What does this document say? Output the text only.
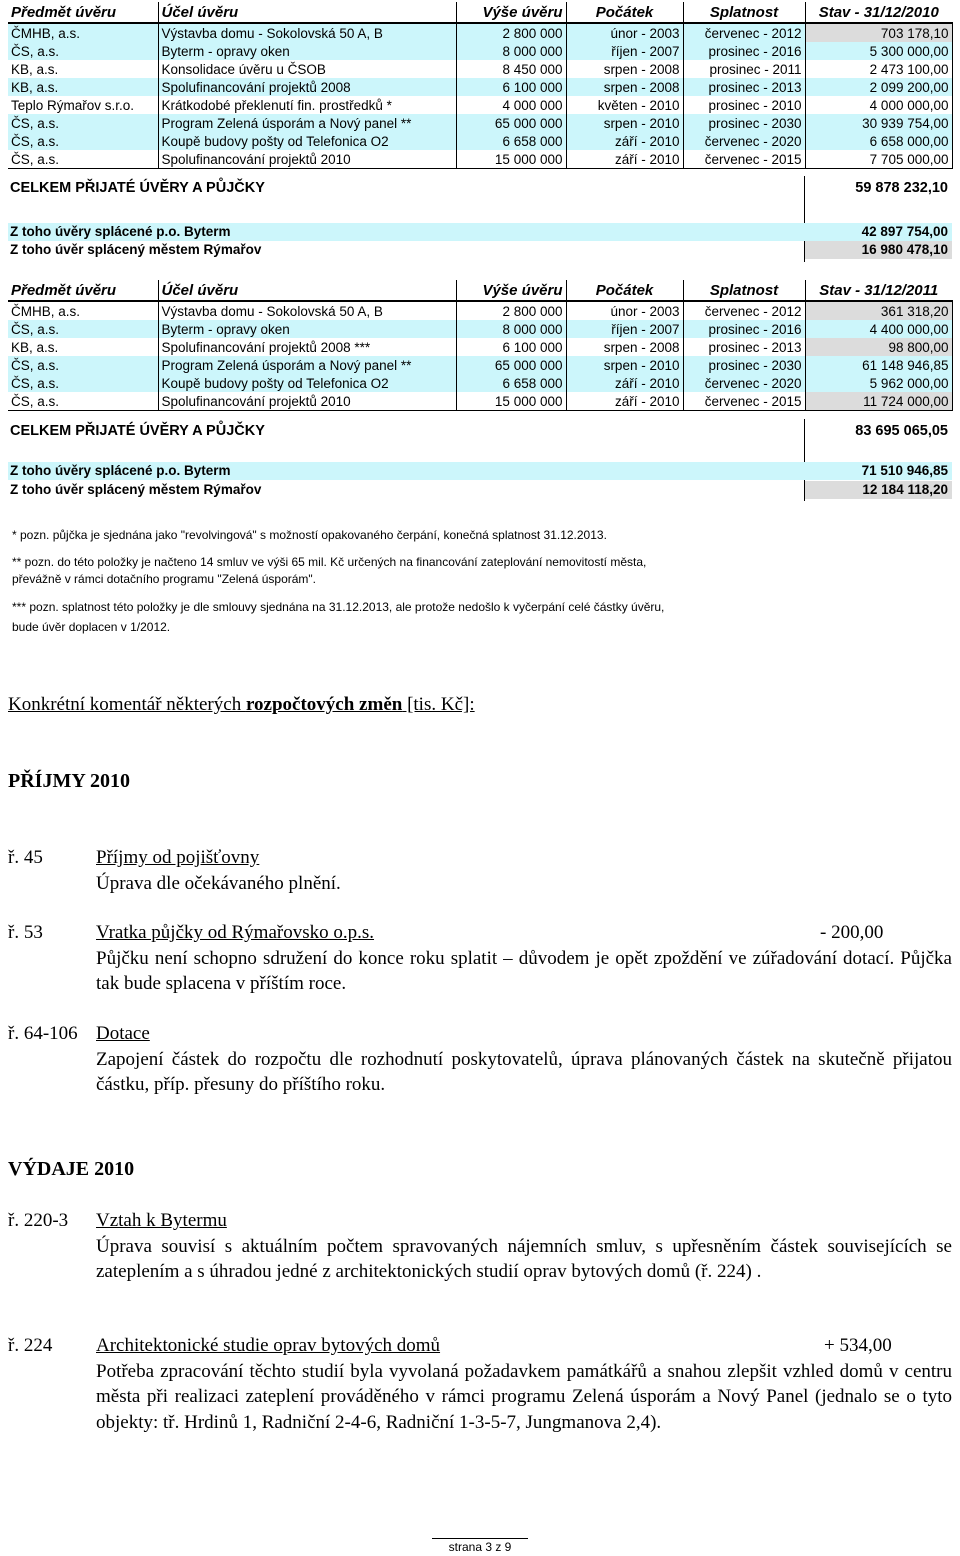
Předmět úvěru	Účel úvěru	Výše úvěru	Počátek	Splatnost	Stav - 31/12/2010
ČMHB, a.s.	Výstavba domu - Sokolovská 50 A, B	2 800 000	únor - 2003	červenec - 2012	703 178,10
ČS, a.s.	Byterm - opravy oken	8 000 000	říjen - 2007	prosinec - 2016	5 300 000,00
KB, a.s.	Konsolidace úvěru u ČSOB	8 450 000	srpen - 2008	prosinec - 2011	2 473 100,00
KB, a.s.	Spolufinancování projektů 2008	6 100 000	srpen - 2008	prosinec - 2013	2 099 200,00
Teplo Rýmařov s.r.o.	Krátkodobé překlenutí fin. prostředků *	4 000 000	květen - 2010	prosinec - 2010	4 000 000,00
ČS, a.s.	Program Zelená úsporám a Nový panel **	65 000 000	srpen - 2010	prosinec - 2030	30 939 754,00
ČS, a.s.	Koupě budovy pošty od Telefonica O2	6 658 000	září - 2010	červenec - 2020	6 658 000,00
ČS, a.s.	Spolufinancování projektů 2010	15 000 000	září - 2010	červenec - 2015	7 705 000,00
CELKEM PŘIJATÉ ÚVĚRY A PŮJČKY	59 878 232,10
Z toho úvěry splácené p.o. Byterm	42 897 754,00
Z toho úvěr splácený městem Rýmařov	16 980 478,10
Předmět úvěru	Účel úvěru	Výše úvěru	Počátek	Splatnost	Stav - 31/12/2011
ČMHB, a.s.	Výstavba domu - Sokolovská 50 A, B	2 800 000	únor - 2003	červenec - 2012	361 318,20
ČS, a.s.	Byterm - opravy oken	8 000 000	říjen - 2007	prosinec - 2016	4 400 000,00
KB, a.s.	Spolufinancování projektů 2008 ***	6 100 000	srpen - 2008	prosinec - 2013	98 800,00
ČS, a.s.	Program Zelená úsporám a Nový panel **	65 000 000	srpen - 2010	prosinec - 2030	61 148 946,85
ČS, a.s.	Koupě budovy pošty od Telefonica O2	6 658 000	září - 2010	červenec - 2020	5 962 000,00
ČS, a.s.	Spolufinancování projektů 2010	15 000 000	září - 2010	červenec - 2015	11 724 000,00
CELKEM PŘIJATÉ ÚVĚRY A PŮJČKY	83 695 065,05
Z toho úvěry splácené p.o. Byterm	71 510 946,85
Z toho úvěr splácený městem Rýmařov	12 184 118,20
* pozn. půjčka je sjednána jako "revolvingová" s možností opakovaného čerpání, konečná splatnost 31.12.2013.
** pozn. do této položky je načteno 14 smluv ve výši 65 mil. Kč určených na financování zateplování nemovitostí města,
převážně v rámci dotačního programu "Zelená úsporám".
*** pozn. splatnost této položky je dle smlouvy sjednána na 31.12.2013, ale protože nedošlo k vyčerpání celé částky úvěru,
bude úvěr doplacen v 1/2012.
Konkrétní komentář některých rozpočtových změn [tis. Kč]:
PŘÍJMY 2010
ř. 45	Příjmy od pojišťovny
Úprava dle očekávaného plnění.
ř. 53	- 200,00
Vratka půjčky od Rýmařovsko o.p.s.
Půjčku není schopno sdružení do konce roku splatit – důvodem je opět zpoždění ve zúřadování dotací. Půjčka tak bude splacena v příštím roce.
ř. 64-106 Dotace
Zapojení částek do rozpočtu dle rozhodnutí poskytovatelů, úprava plánovaných částek na skutečně přijatou částku, příp. přesuny do příštího roku.
VÝDAJE 2010
ř. 220-3 Vztah k Bytermu
Úprava souvisí s aktuálním počtem spravovaných nájemních smluv, s upřesněním částek souvisejících se zateplením a s úhradou jedné z architektonických studií oprav bytových domů (ř. 224) .
ř. 224	+ 534,00
Architektonické studie oprav bytových domů
Potřeba zpracování těchto studií byla vyvolaná požadavkem památkářů a snahou zlepšit vzhled domů v centru města při realizaci zateplení prováděného v rámci programu Zelená úsporám a Nový Panel (jednalo se o tyto objekty: tř. Hrdinů 1, Radniční 2-4-6, Radniční 1-3-5-7, Jungmanova 2,4).
strana 3 z 9
